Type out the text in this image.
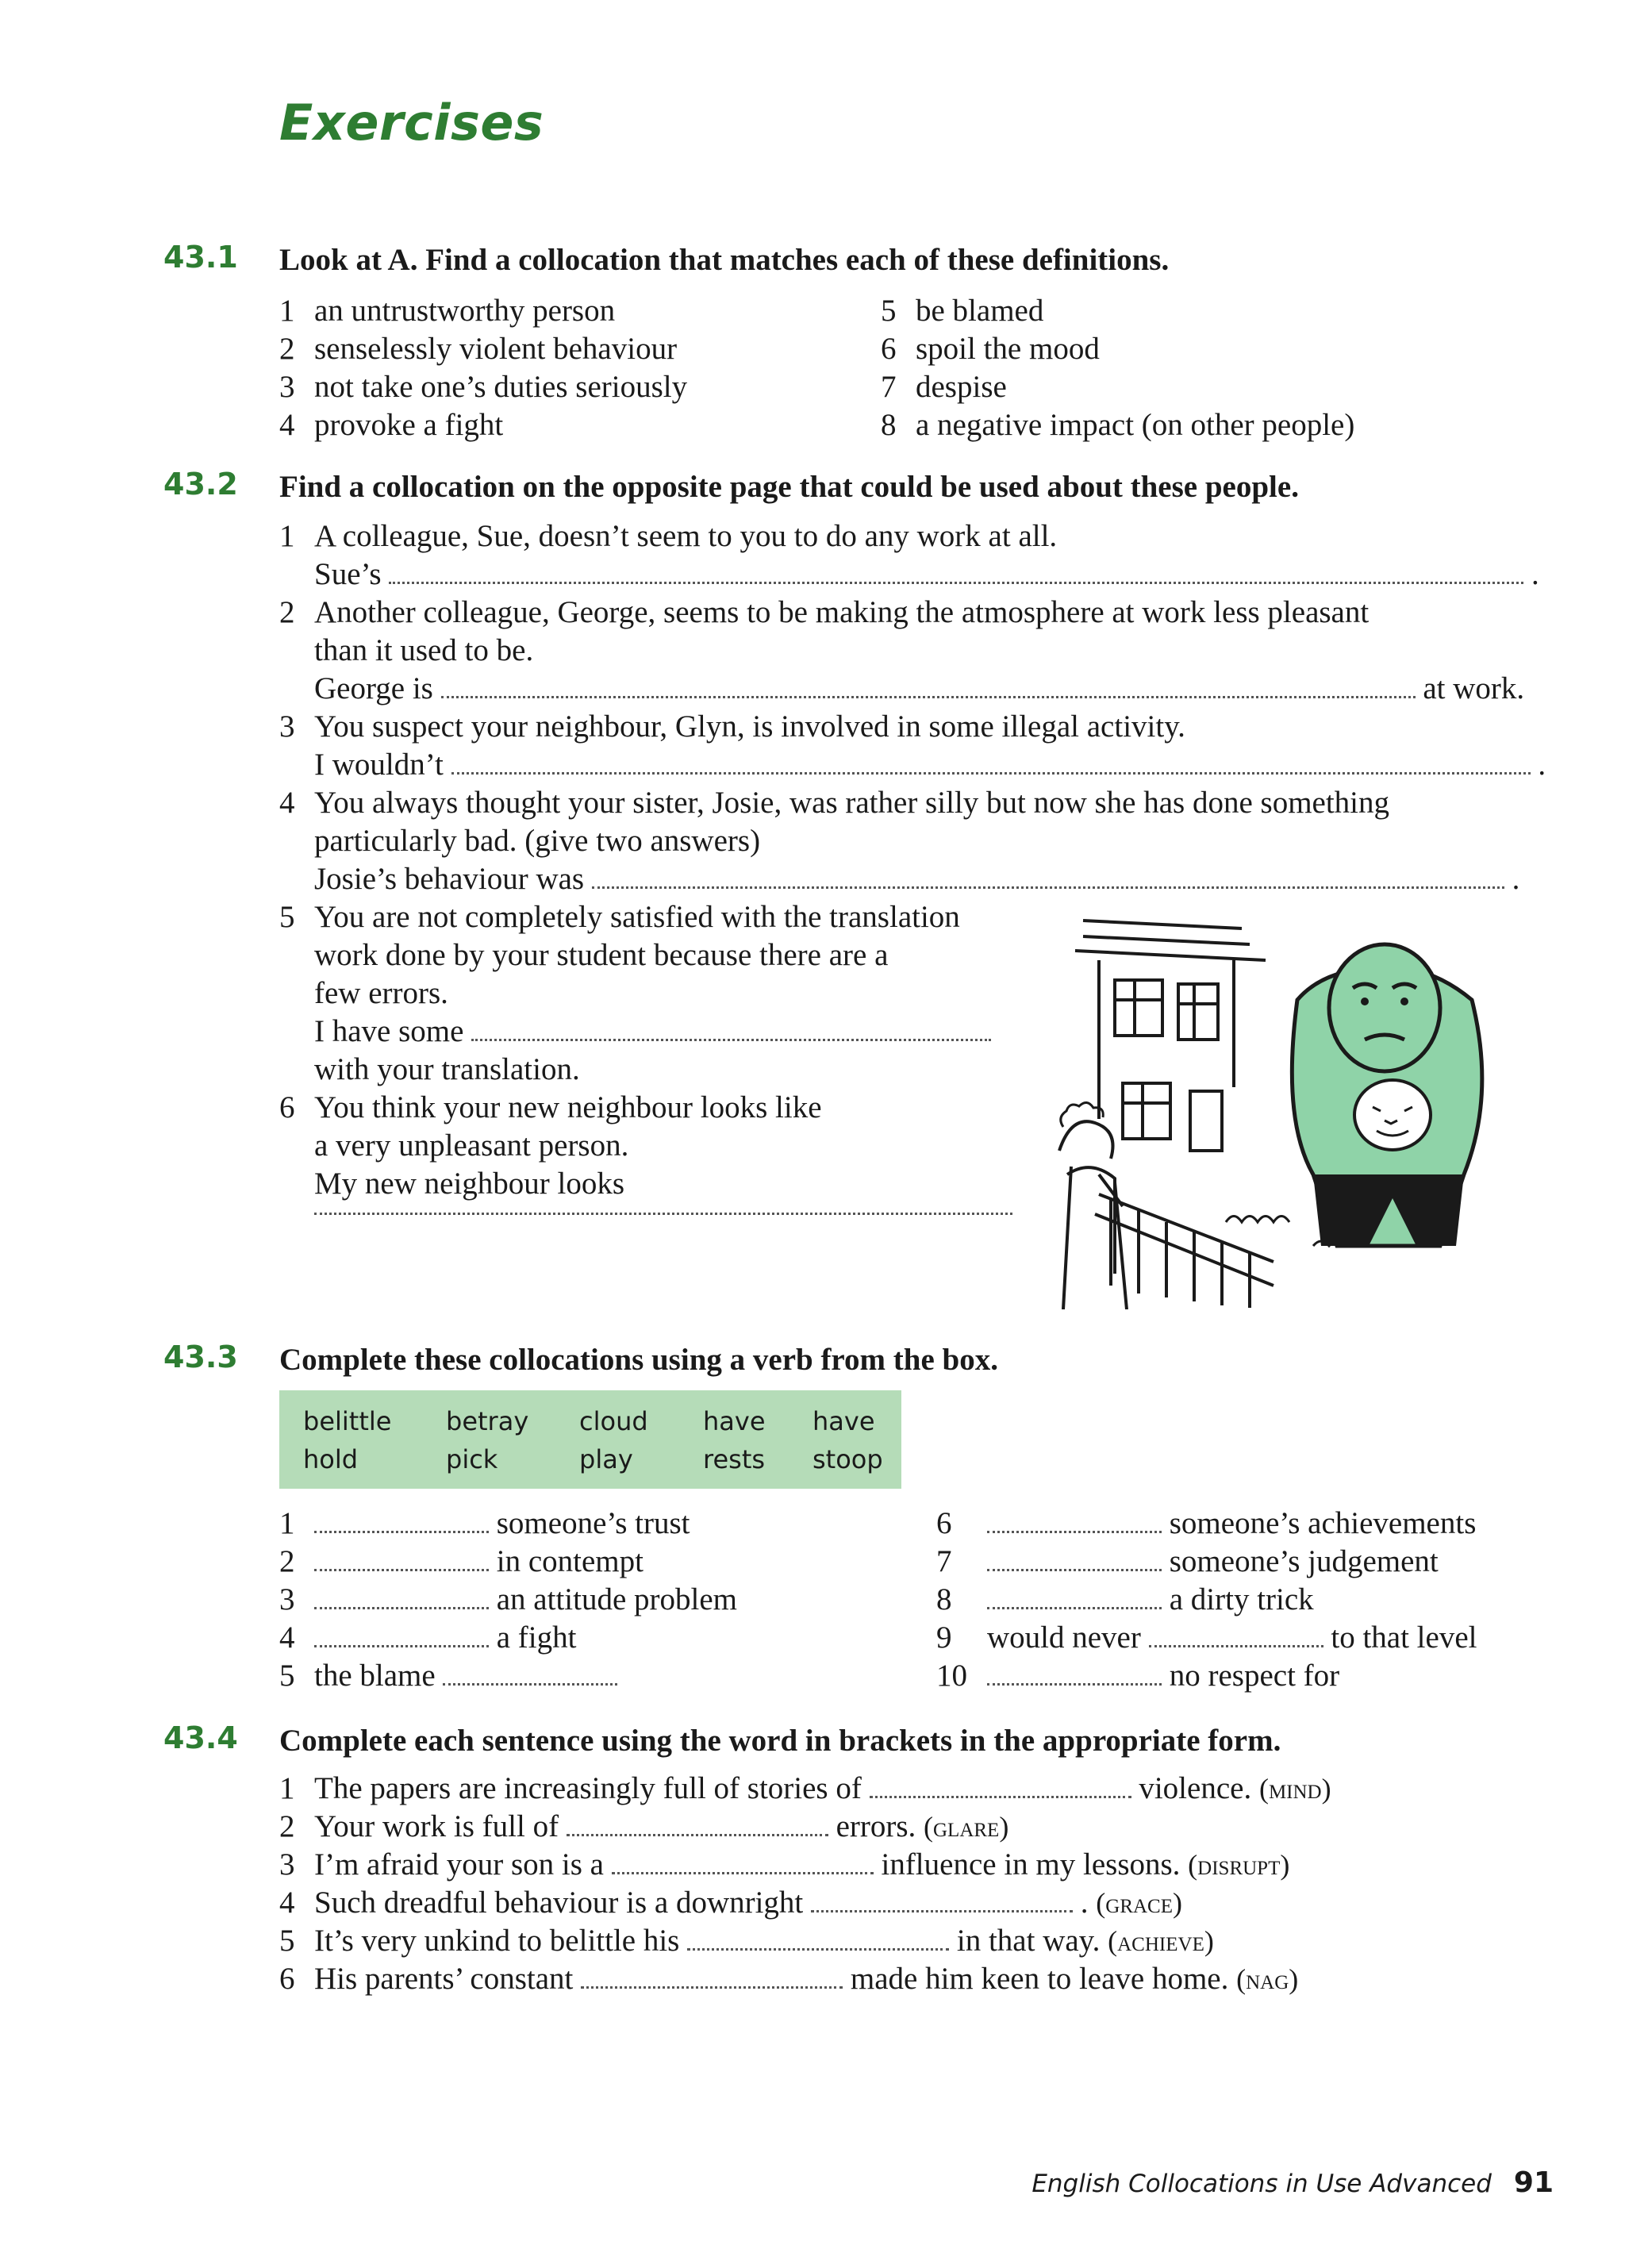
Exercises
43.1 Look at A. Find a collocation that matches each of these definitions.
1 an untrustworthy person
2 senselessly violent behaviour
3 not take one’s duties seriously
4 provoke a fight
5 be blamed
6 spoil the mood
7 despise
8 a negative impact (on other people)
43.2 Find a collocation on the opposite page that could be used about these people.
1 A colleague, Sue, doesn’t seem to you to do any work at all.
Sue’s	.
2 Another colleague, George, seems to be making the atmosphere at work less pleasant
than it used to be.
George is	at work.
3 You suspect your neighbour, Glyn, is involved in some illegal activity.
I wouldn’t	.
4 You always thought your sister, Josie, was rather silly but now she has done something
particularly bad. (give two answers)
Josie’s behaviour was	.
5 You are not completely satisfied with the translation
work done by your student because there are a
few errors.
I have some
with your translation.
6 You think your new neighbour looks like
a very unpleasant person.
My new neighbour looks
43.3 Complete these collocations using a verb from the box.
belittle betray cloud have have
hold	pick	play	rests stoop
1	someone’s trust
2	in contempt
3	an attitude problem
4	a fight
5 the blame
6	someone’s achievements
7	someone’s judgement
8	a dirty trick
9 would never	to that level
10	no respect for
43.4 Complete each sentence using the word in brackets in the appropriate form.
1 The papers are increasingly full of stories of	violence. (mind)
2 Your work is full of	errors. (glare)
3 I’m afraid your son is a	influence in my lessons. (disrupt)
4 Such dreadful behaviour is a downright	. (grace)
5 It’s very unkind to belittle his	in that way. (achieve)
6 His parents’ constant	made him keen to leave home. (nag)
English Collocations in Use Advanced 91
